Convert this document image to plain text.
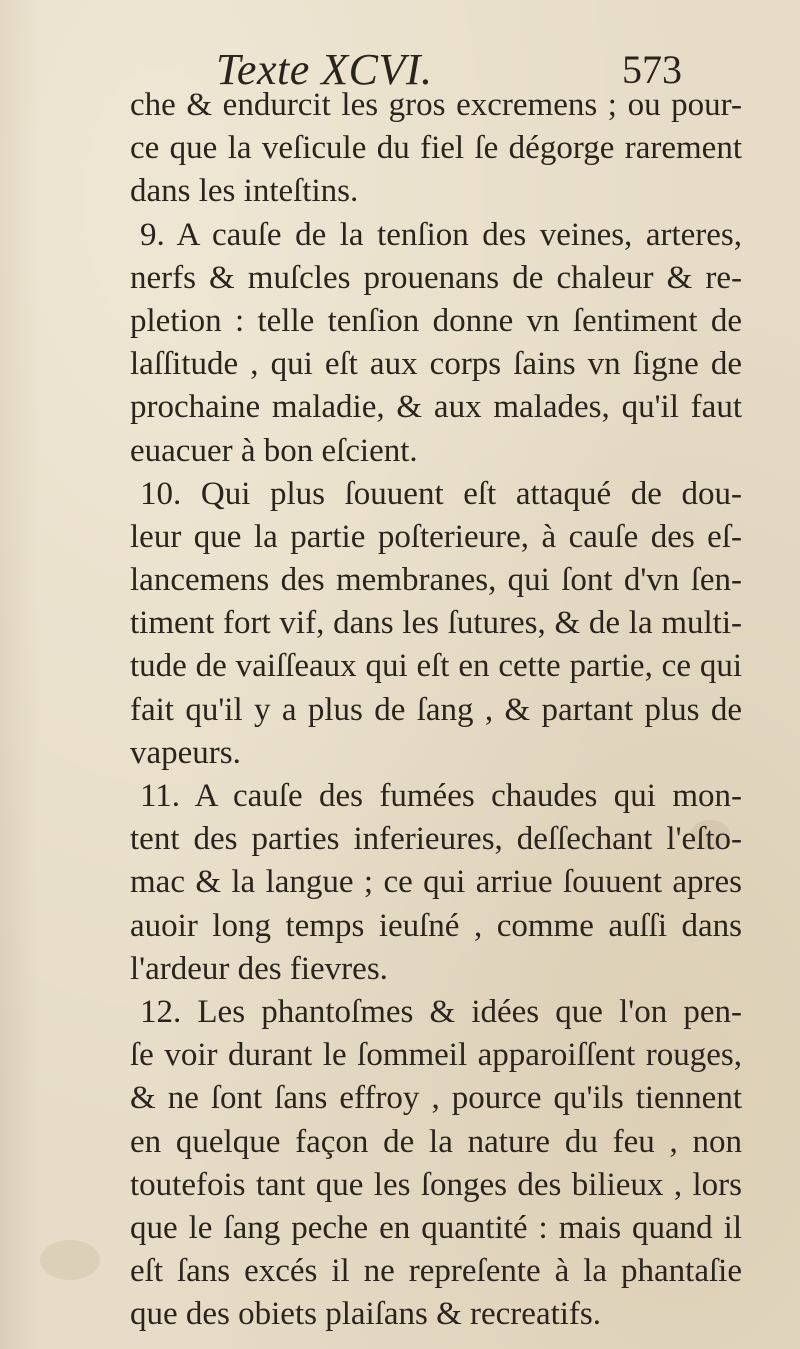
Texte XCVI.	573
che & endurcit les gros excremens ; ou pour-
ce que la veſicule du fiel ſe dégorge rarement
dans les inteſtins.
9. A cauſe de la tenſion des veines, arteres,
nerfs & muſcles prouenans de chaleur & re-
pletion : telle tenſion donne vn ſentiment de
laſſitude , qui eſt aux corps ſains vn ſigne de
prochaine maladie, & aux malades, qu'il faut
euacuer à bon eſcient.
10. Qui plus ſouuent eſt attaqué de dou-
leur que la partie poſterieure, à cauſe des eſ-
lancemens des membranes, qui ſont d'vn ſen-
timent fort vif, dans les ſutures, & de la multi-
tude de vaiſſeaux qui eſt en cette partie, ce qui
fait qu'il y a plus de ſang , & partant plus de
vapeurs.
11. A cauſe des fumées chaudes qui mon-
tent des parties inferieures, deſſechant l'eſto-
mac & la langue ; ce qui arriue ſouuent apres
auoir long temps ieuſné , comme auſſi dans
l'ardeur des fievres.
12. Les phantoſmes & idées que l'on pen-
ſe voir durant le ſommeil apparoiſſent rouges,
& ne ſont ſans effroy , pource qu'ils tiennent
en quelque façon de la nature du feu , non
toutefois tant que les ſonges des bilieux , lors
que le ſang peche en quantité : mais quand il
eſt ſans excés il ne repreſente à la phantaſie
que des obiets plaiſans & recreatifs.
